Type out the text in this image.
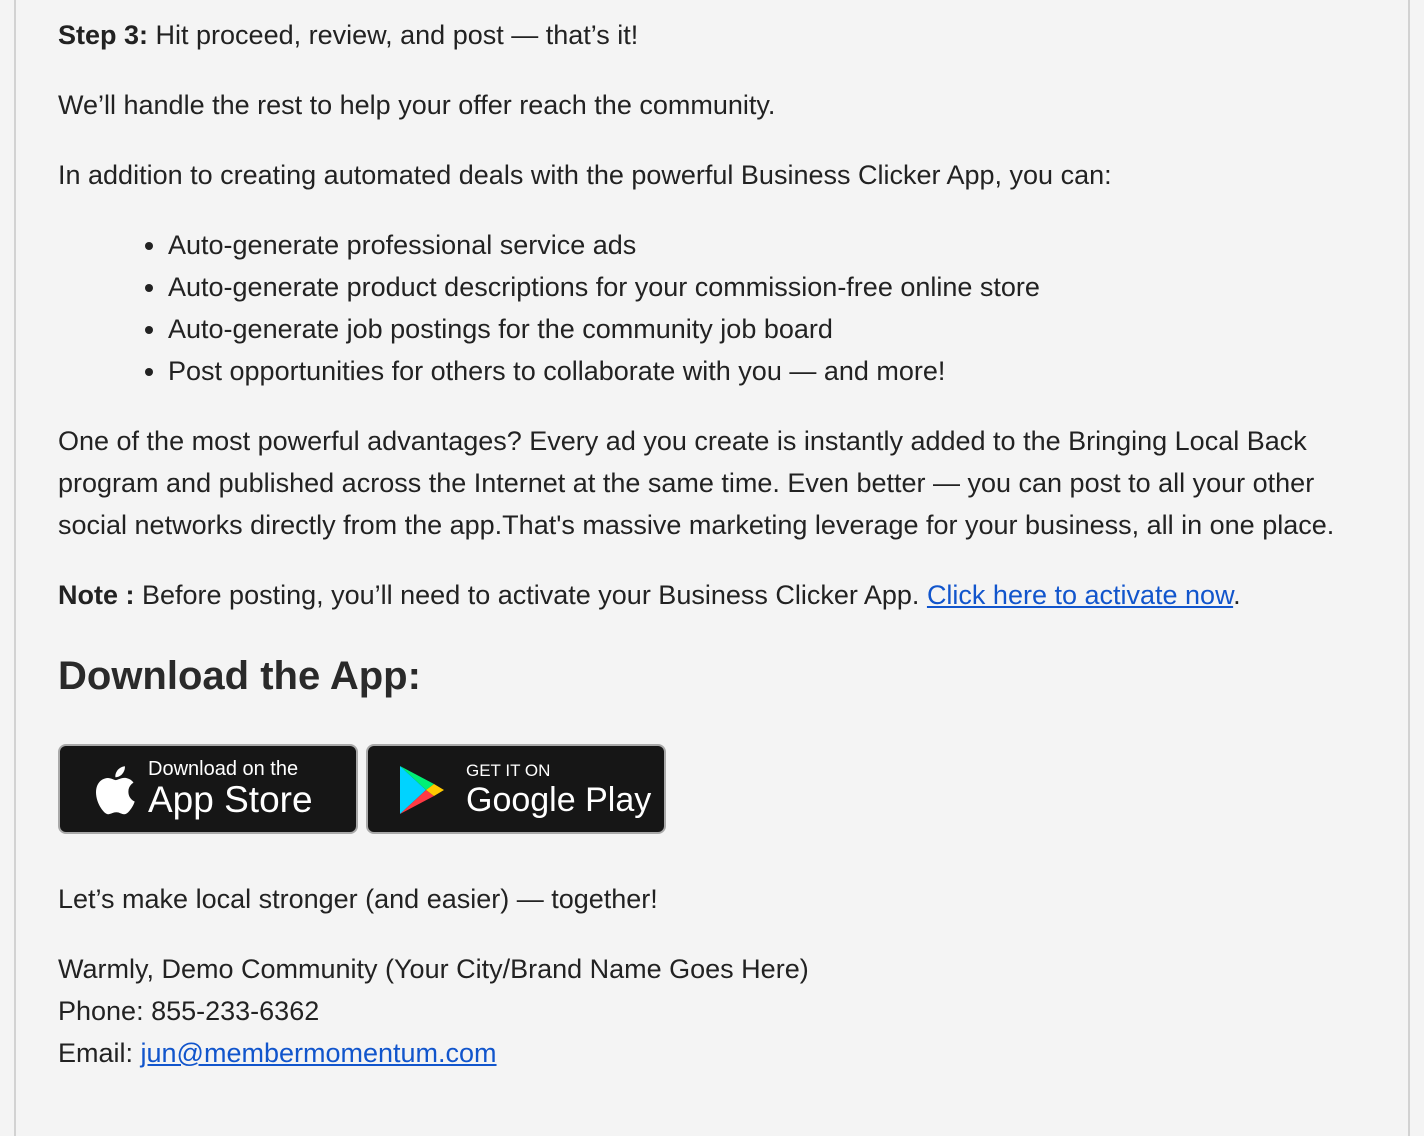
Step 3: Hit proceed, review, and post — that’s it!

We’ll handle the rest to help your offer reach the community.

In addition to creating automated deals with the powerful Business Clicker App, you can:

• Auto-generate professional service ads
• Auto-generate product descriptions for your commission-free online store
• Auto-generate job postings for the community job board
• Post opportunities for others to collaborate with you — and more!

One of the most powerful advantages? Every ad you create is instantly added to the Bringing Local Back program and published across the Internet at the same time. Even better — you can post to all your other social networks directly from the app.That's massive marketing leverage for your business, all in one place.

Note : Before posting, you’ll need to activate your Business Clicker App. Click here to activate now.

Download the App:
Download on the
App Store
GET IT ON
Google Play

Let’s make local stronger (and easier) — together!

Warmly, Demo Community (Your City/Brand Name Goes Here)

Phone: 855-233-6362

Email: jun@membermomentum.com
